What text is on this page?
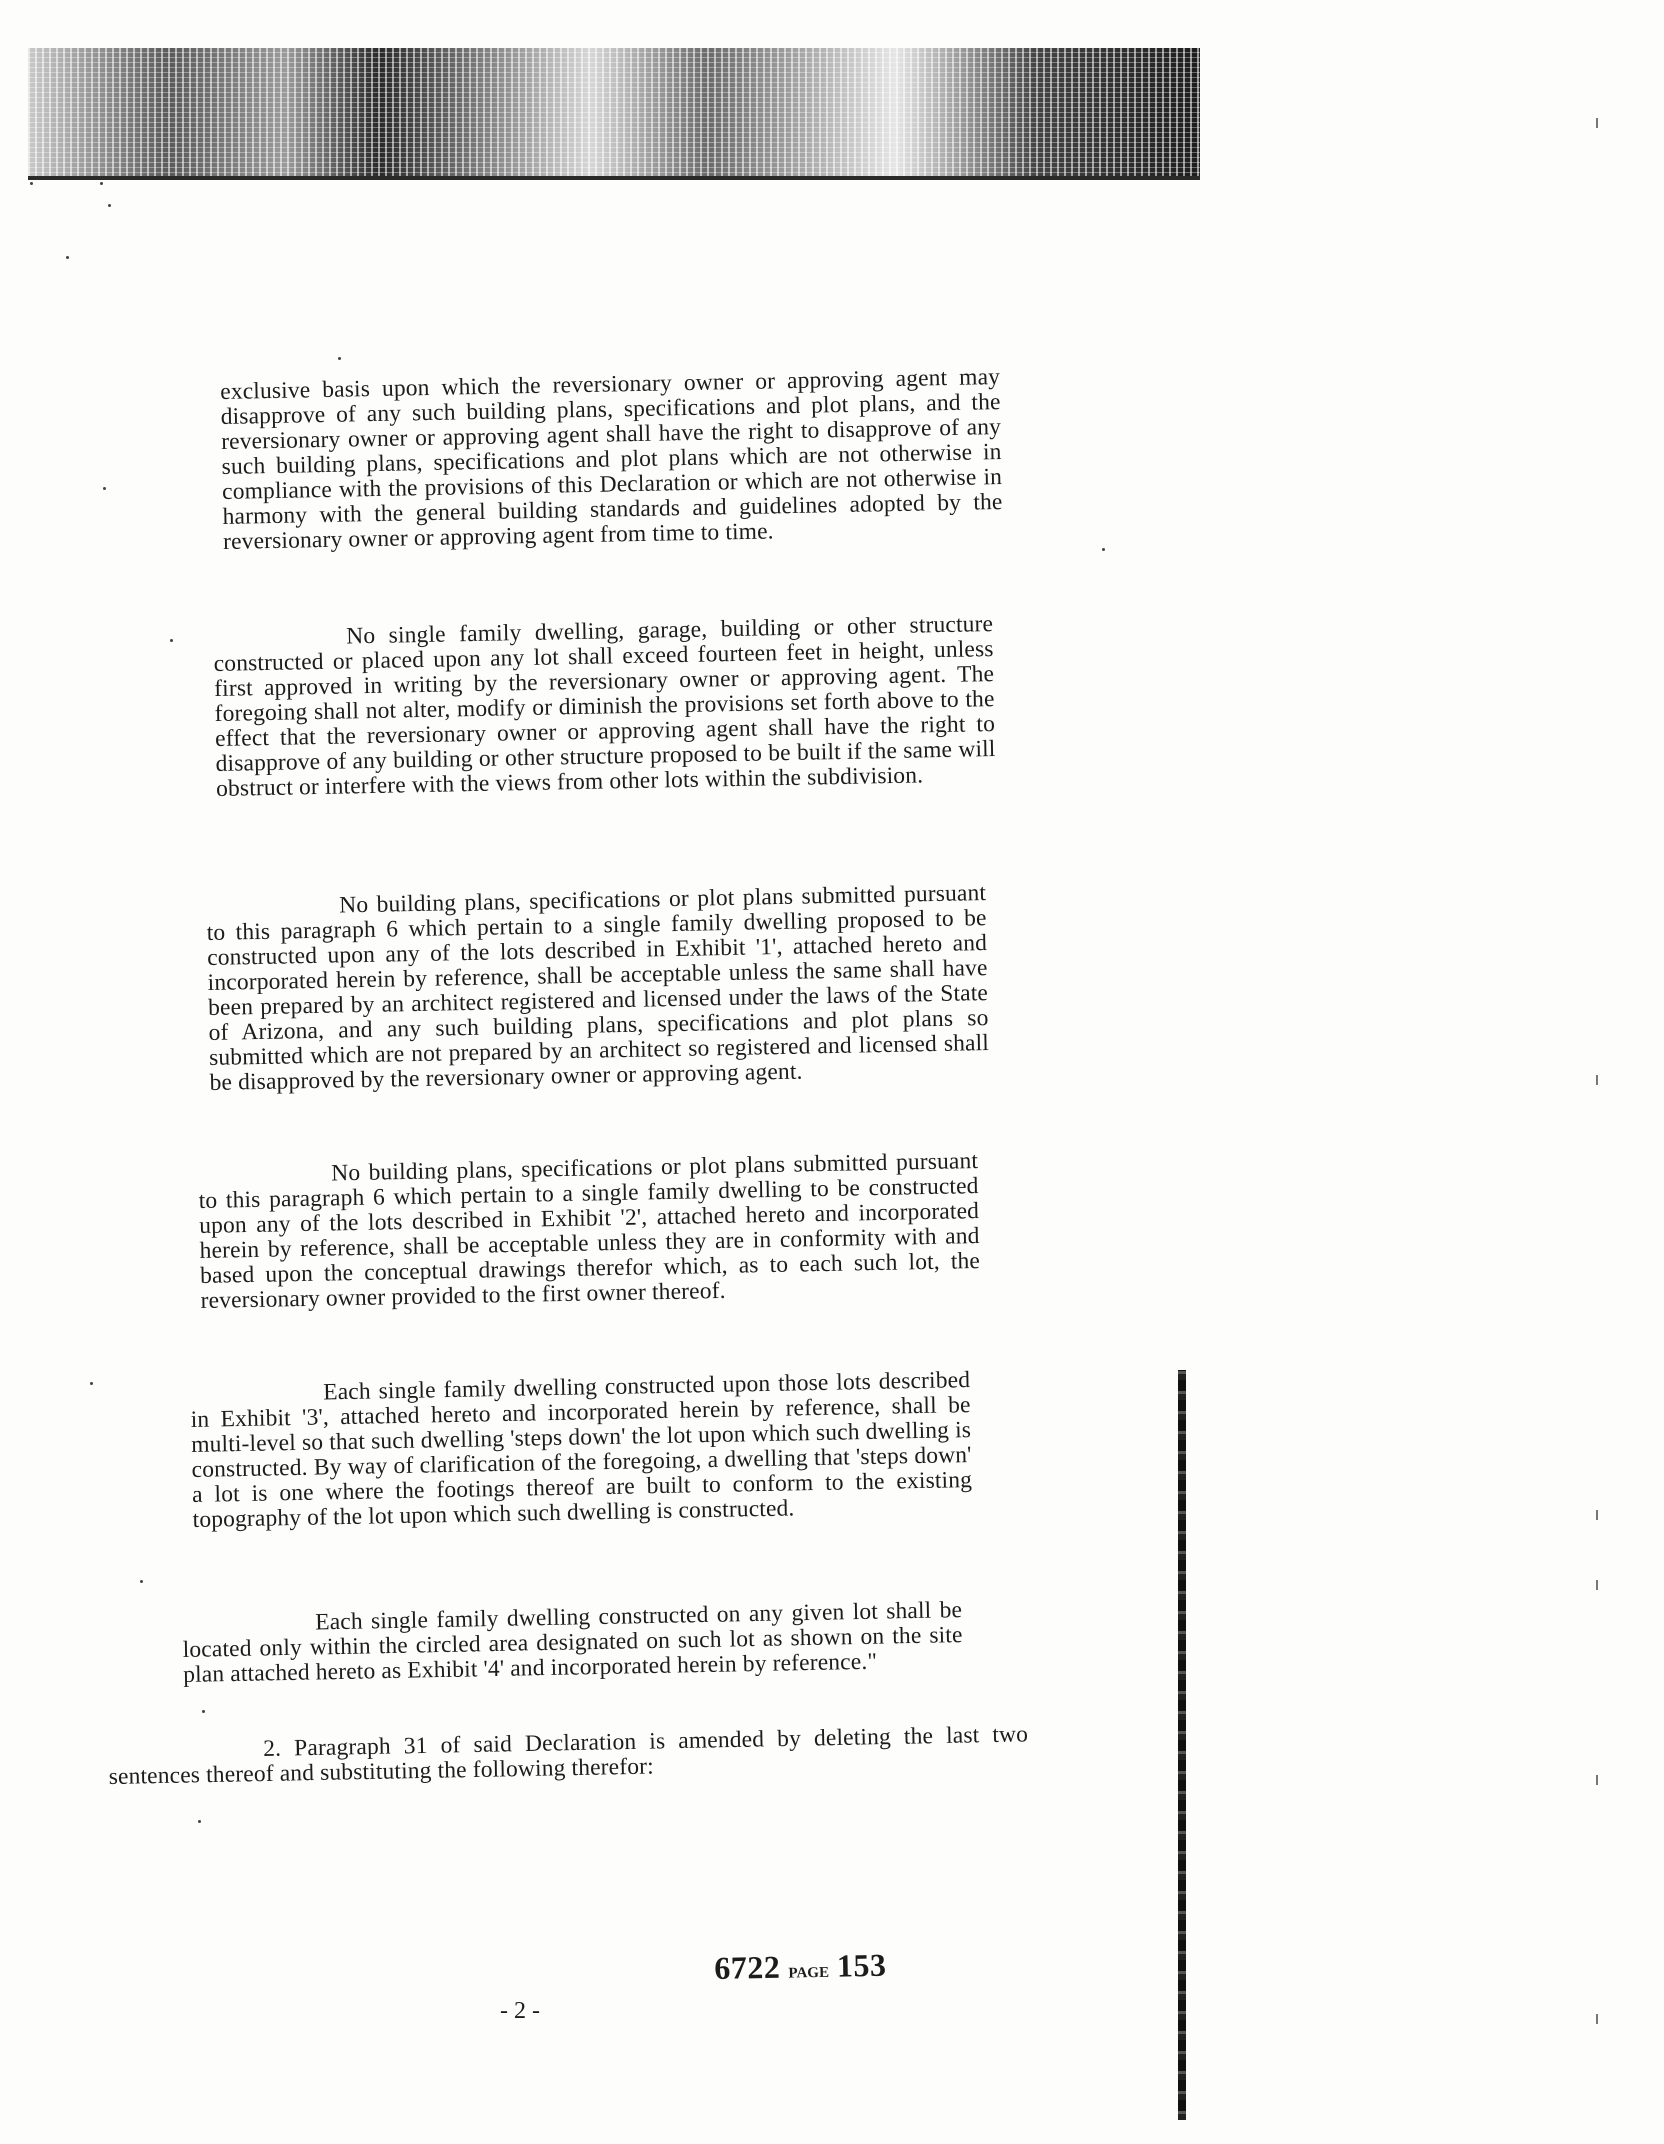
exclusive basis upon which the reversionary owner or approving agent may disapprove of any such building plans, specifications and plot plans, and the reversionary owner or approving agent shall have the right to disapprove of any such building plans, specifications and plot plans which are not otherwise in compliance with the provisions of this Declaration or which are not otherwise in harmony with the general building standards and guidelines adopted by the reversionary owner or approving agent from time to time.

No single family dwelling, garage, building or other structure constructed or placed upon any lot shall exceed fourteen feet in height, unless first approved in writing by the reversionary owner or approving agent. The foregoing shall not alter, modify or diminish the provisions set forth above to the effect that the reversionary owner or approving agent shall have the right to disapprove of any building or other structure proposed to be built if the same will obstruct or interfere with the views from other lots within the subdivision.

No building plans, specifications or plot plans submitted pursuant to this paragraph 6 which pertain to a single family dwelling proposed to be constructed upon any of the lots described in Exhibit '1', attached hereto and incorporated herein by reference, shall be acceptable unless the same shall have been prepared by an architect registered and licensed under the laws of the State of Arizona, and any such building plans, specifications and plot plans so submitted which are not prepared by an architect so registered and licensed shall be disapproved by the reversionary owner or approving agent.

No building plans, specifications or plot plans submitted pursuant to this paragraph 6 which pertain to a single family dwelling to be constructed upon any of the lots described in Exhibit '2', attached hereto and incorporated herein by reference, shall be acceptable unless they are in conformity with and based upon the conceptual drawings therefor which, as to each such lot, the reversionary owner provided to the first owner thereof.

Each single family dwelling constructed upon those lots described in Exhibit '3', attached hereto and incorporated herein by reference, shall be multi-level so that such dwelling 'steps down' the lot upon which such dwelling is constructed. By way of clarification of the foregoing, a dwelling that 'steps down' a lot is one where the footings thereof are built to conform to the existing topography of the lot upon which such dwelling is constructed.

Each single family dwelling constructed on any given lot shall be located only within the circled area designated on such lot as shown on the site plan attached hereto as Exhibit '4' and incorporated herein by reference."

2. Paragraph 31 of said Declaration is amended by deleting the last two sentences thereof and substituting the following therefor:

6722 PAGE 153
- 2 -
